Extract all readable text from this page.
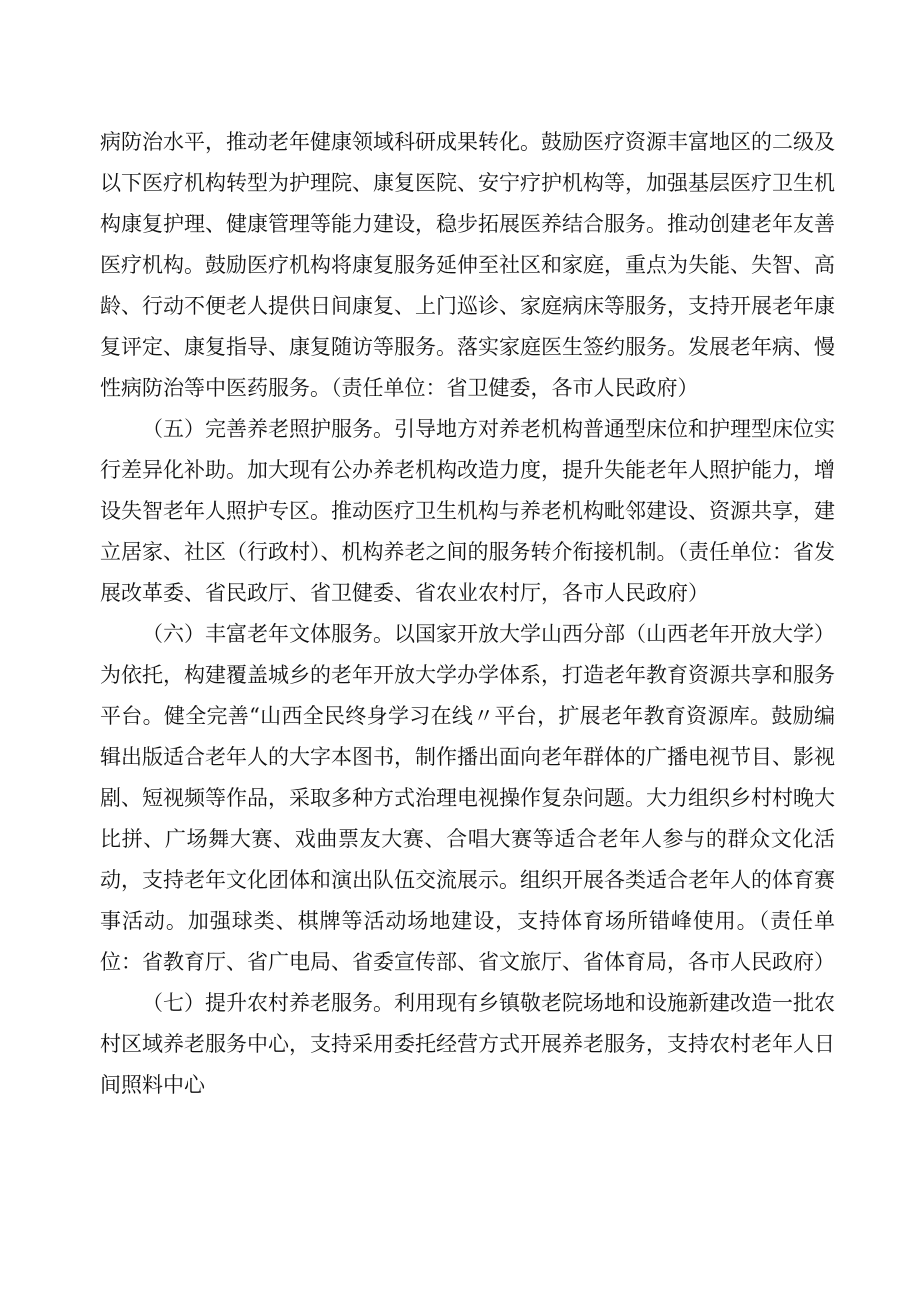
病防治水平，推动老年健康领域科研成果转化。鼓励医疗资源丰富地区的二级及以下医疗机构转型为护理院、康复医院、安宁疗护机构等，加强基层医疗卫生机构康复护理、健康管理等能力建设，稳步拓展医养结合服务。推动创建老年友善医疗机构。鼓励医疗机构将康复服务延伸至社区和家庭，重点为失能、失智、高龄、行动不便老人提供日间康复、上门巡诊、家庭病床等服务，支持开展老年康复评定、康复指导、康复随访等服务。落实家庭医生签约服务。发展老年病、慢性病防治等中医药服务。（责任单位：省卫健委，各市人民政府）

（五）完善养老照护服务。引导地方对养老机构普通型床位和护理型床位实行差异化补助。加大现有公办养老机构改造力度，提升失能老年人照护能力，增设失智老年人照护专区。推动医疗卫生机构与养老机构毗邻建设、资源共享，建立居家、社区（行政村）、机构养老之间的服务转介衔接机制。（责任单位：省发展改革委、省民政厅、省卫健委、省农业农村厅，各市人民政府）

（六）丰富老年文体服务。以国家开放大学山西分部（山西老年开放大学）为依托，构建覆盖城乡的老年开放大学办学体系，打造老年教育资源共享和服务平台。健全完善“山西全民终身学习在线〃平台，扩展老年教育资源库。鼓励编辑出版适合老年人的大字本图书，制作播出面向老年群体的广播电视节目、影视剧、短视频等作品，采取多种方式治理电视操作复杂问题。大力组织乡村村晚大比拼、广场舞大赛、戏曲票友大赛、合唱大赛等适合老年人参与的群众文化活动，支持老年文化团体和演出队伍交流展示。组织开展各类适合老年人的体育赛事活动。加强球类、棋牌等活动场地建设，支持体育场所错峰使用。（责任单位：省教育厅、省广电局、省委宣传部、省文旅厅、省体育局，各市人民政府）

（七）提升农村养老服务。利用现有乡镇敬老院场地和设施新建改造一批农村区域养老服务中心，支持采用委托经营方式开展养老服务，支持农村老年人日间照料中心
